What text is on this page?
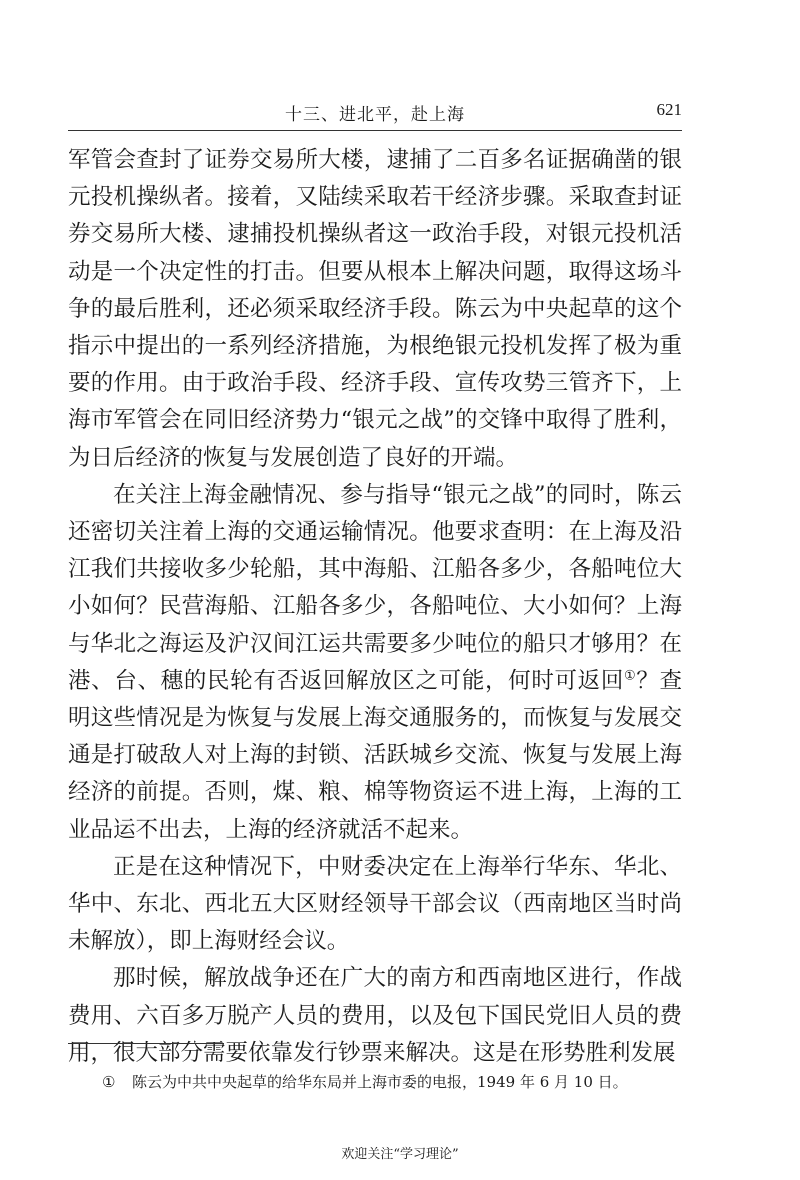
十三、进北平，赴上海	621

军管会查封了证券交易所大楼，逮捕了二百多名证据确凿的银元投机操纵者。接着，又陆续采取若干经济步骤。采取查封证券交易所大楼、逮捕投机操纵者这一政治手段，对银元投机活动是一个决定性的打击。但要从根本上解决问题，取得这场斗争的最后胜利，还必须采取经济手段。陈云为中央起草的这个指示中提出的一系列经济措施，为根绝银元投机发挥了极为重要的作用。由于政治手段、经济手段、宣传攻势三管齐下，上海市军管会在同旧经济势力“银元之战”的交锋中取得了胜利，为日后经济的恢复与发展创造了良好的开端。

在关注上海金融情况、参与指导“银元之战”的同时，陈云还密切关注着上海的交通运输情况。他要求查明：在上海及沿江我们共接收多少轮船，其中海船、江船各多少，各船吨位大小如何？民营海船、江船各多少，各船吨位、大小如何？上海与华北之海运及沪汉间江运共需要多少吨位的船只才够用？在港、台、穗的民轮有否返回解放区之可能，何时可返回①？查明这些情况是为恢复与发展上海交通服务的，而恢复与发展交通是打破敌人对上海的封锁、活跃城乡交流、恢复与发展上海经济的前提。否则，煤、粮、棉等物资运不进上海，上海的工业品运不出去，上海的经济就活不起来。

正是在这种情况下，中财委决定在上海举行华东、华北、华中、东北、西北五大区财经领导干部会议（西南地区当时尚未解放），即上海财经会议。

那时候，解放战争还在广大的南方和西南地区进行，作战费用、六百多万脱产人员的费用，以及包下国民党旧人员的费用，很大部分需要依靠发行钞票来解决。这是在形势胜利发展

① 陈云为中共中央起草的给华东局并上海市委的电报，1949 年 6 月 10 日。
欢迎关注“学习理论”
